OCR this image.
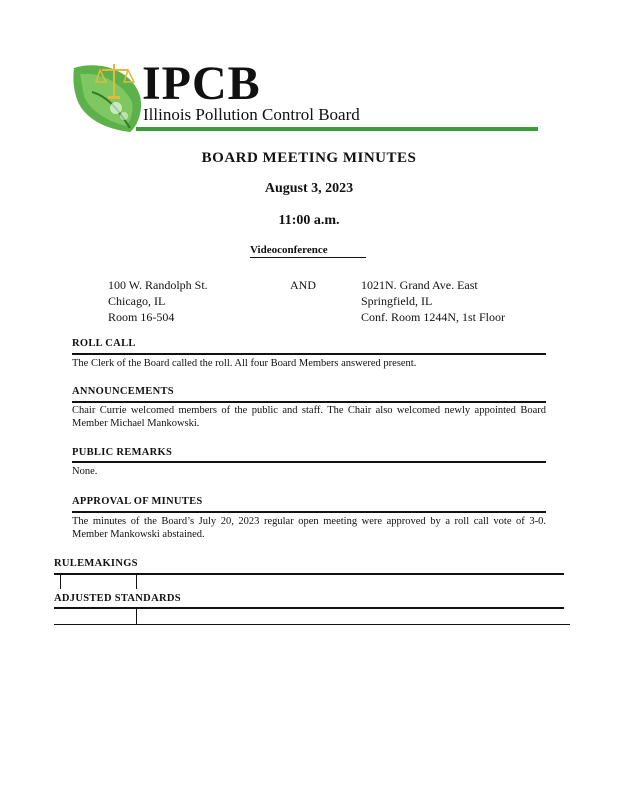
IPCB
Illinois Pollution Control Board
BOARD MEETING MINUTES
August 3, 2023
11:00 a.m.
Videoconference
100 W. Randolph St.
Chicago, IL
Room 16-504
AND	1021N. Grand Ave. East
Springfield, IL
Conf. Room 1244N, 1st Floor
ROLL CALL
The Clerk of the Board called the roll. All four Board Members answered present.
ANNOUNCEMENTS
Chair Currie welcomed members of the public and staff. The Chair also welcomed newly appointed Board Member Michael Mankowski.
PUBLIC REMARKS
None.
APPROVAL OF MINUTES
The minutes of the Board’s July 20, 2023 regular open meeting were approved by a roll call vote of 3-0. Member Mankowski abstained.
RULEMAKINGS
ADJUSTED STANDARDS
